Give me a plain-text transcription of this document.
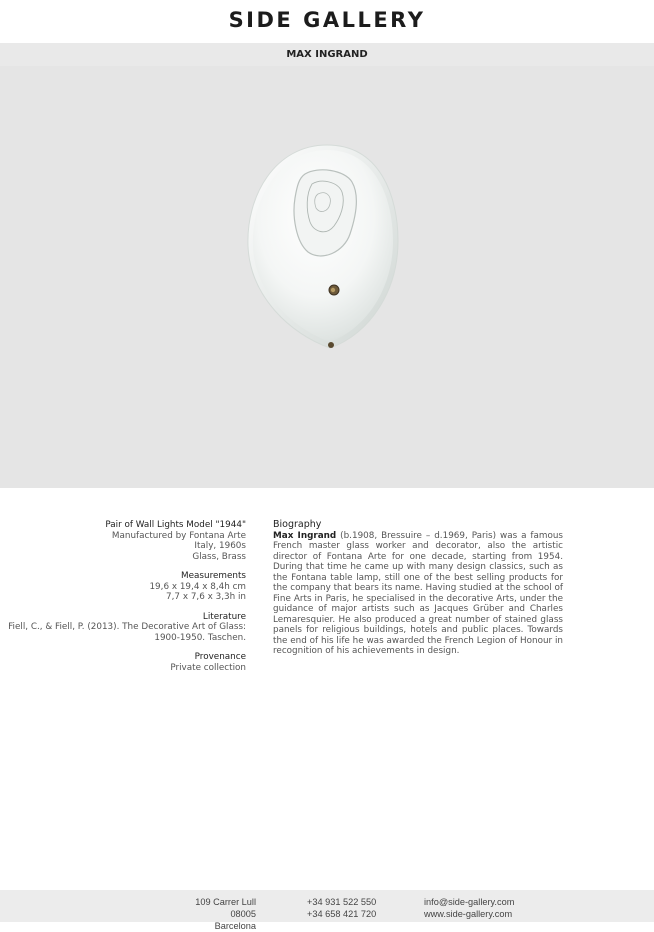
SIDE GALLERY
MAX INGRAND
Pair of Wall Lights Model "1944"
Manufactured by Fontana Arte
Italy, 1960s
Glass, Brass
Measurements
19,6 x 19,4 x 8,4h cm
7,7 x 7,6 x 3,3h in
Literature
Fiell, C., & Fiell, P. (2013). The Decorative Art of Glass:
1900-1950. Taschen.
Provenance
Private collection
Biography
Max Ingrand (b.1908, Bressuire – d.1969, Paris) was a famous French master glass worker and decorator, also the artistic director of Fontana Arte for one decade, starting from 1954. During that time he came up with many design classics, such as the Fontana table lamp, still one of the best selling products for the company that bears its name. Having studied at the school of Fine Arts in Paris, he specialised in the decorative Arts, under the guidance of major artists such as Jacques Grüber and Charles Lemaresquier. He also produced a great number of stained glass panels for religious buildings, hotels and public places. Towards the end of his life he was awarded the French Legion of Honour in recognition of his achievements in design.
109 Carrer Lull
08005 Barcelona
+34 931 522 550
+34 658 421 720
info@side-gallery.com
www.side-gallery.com
